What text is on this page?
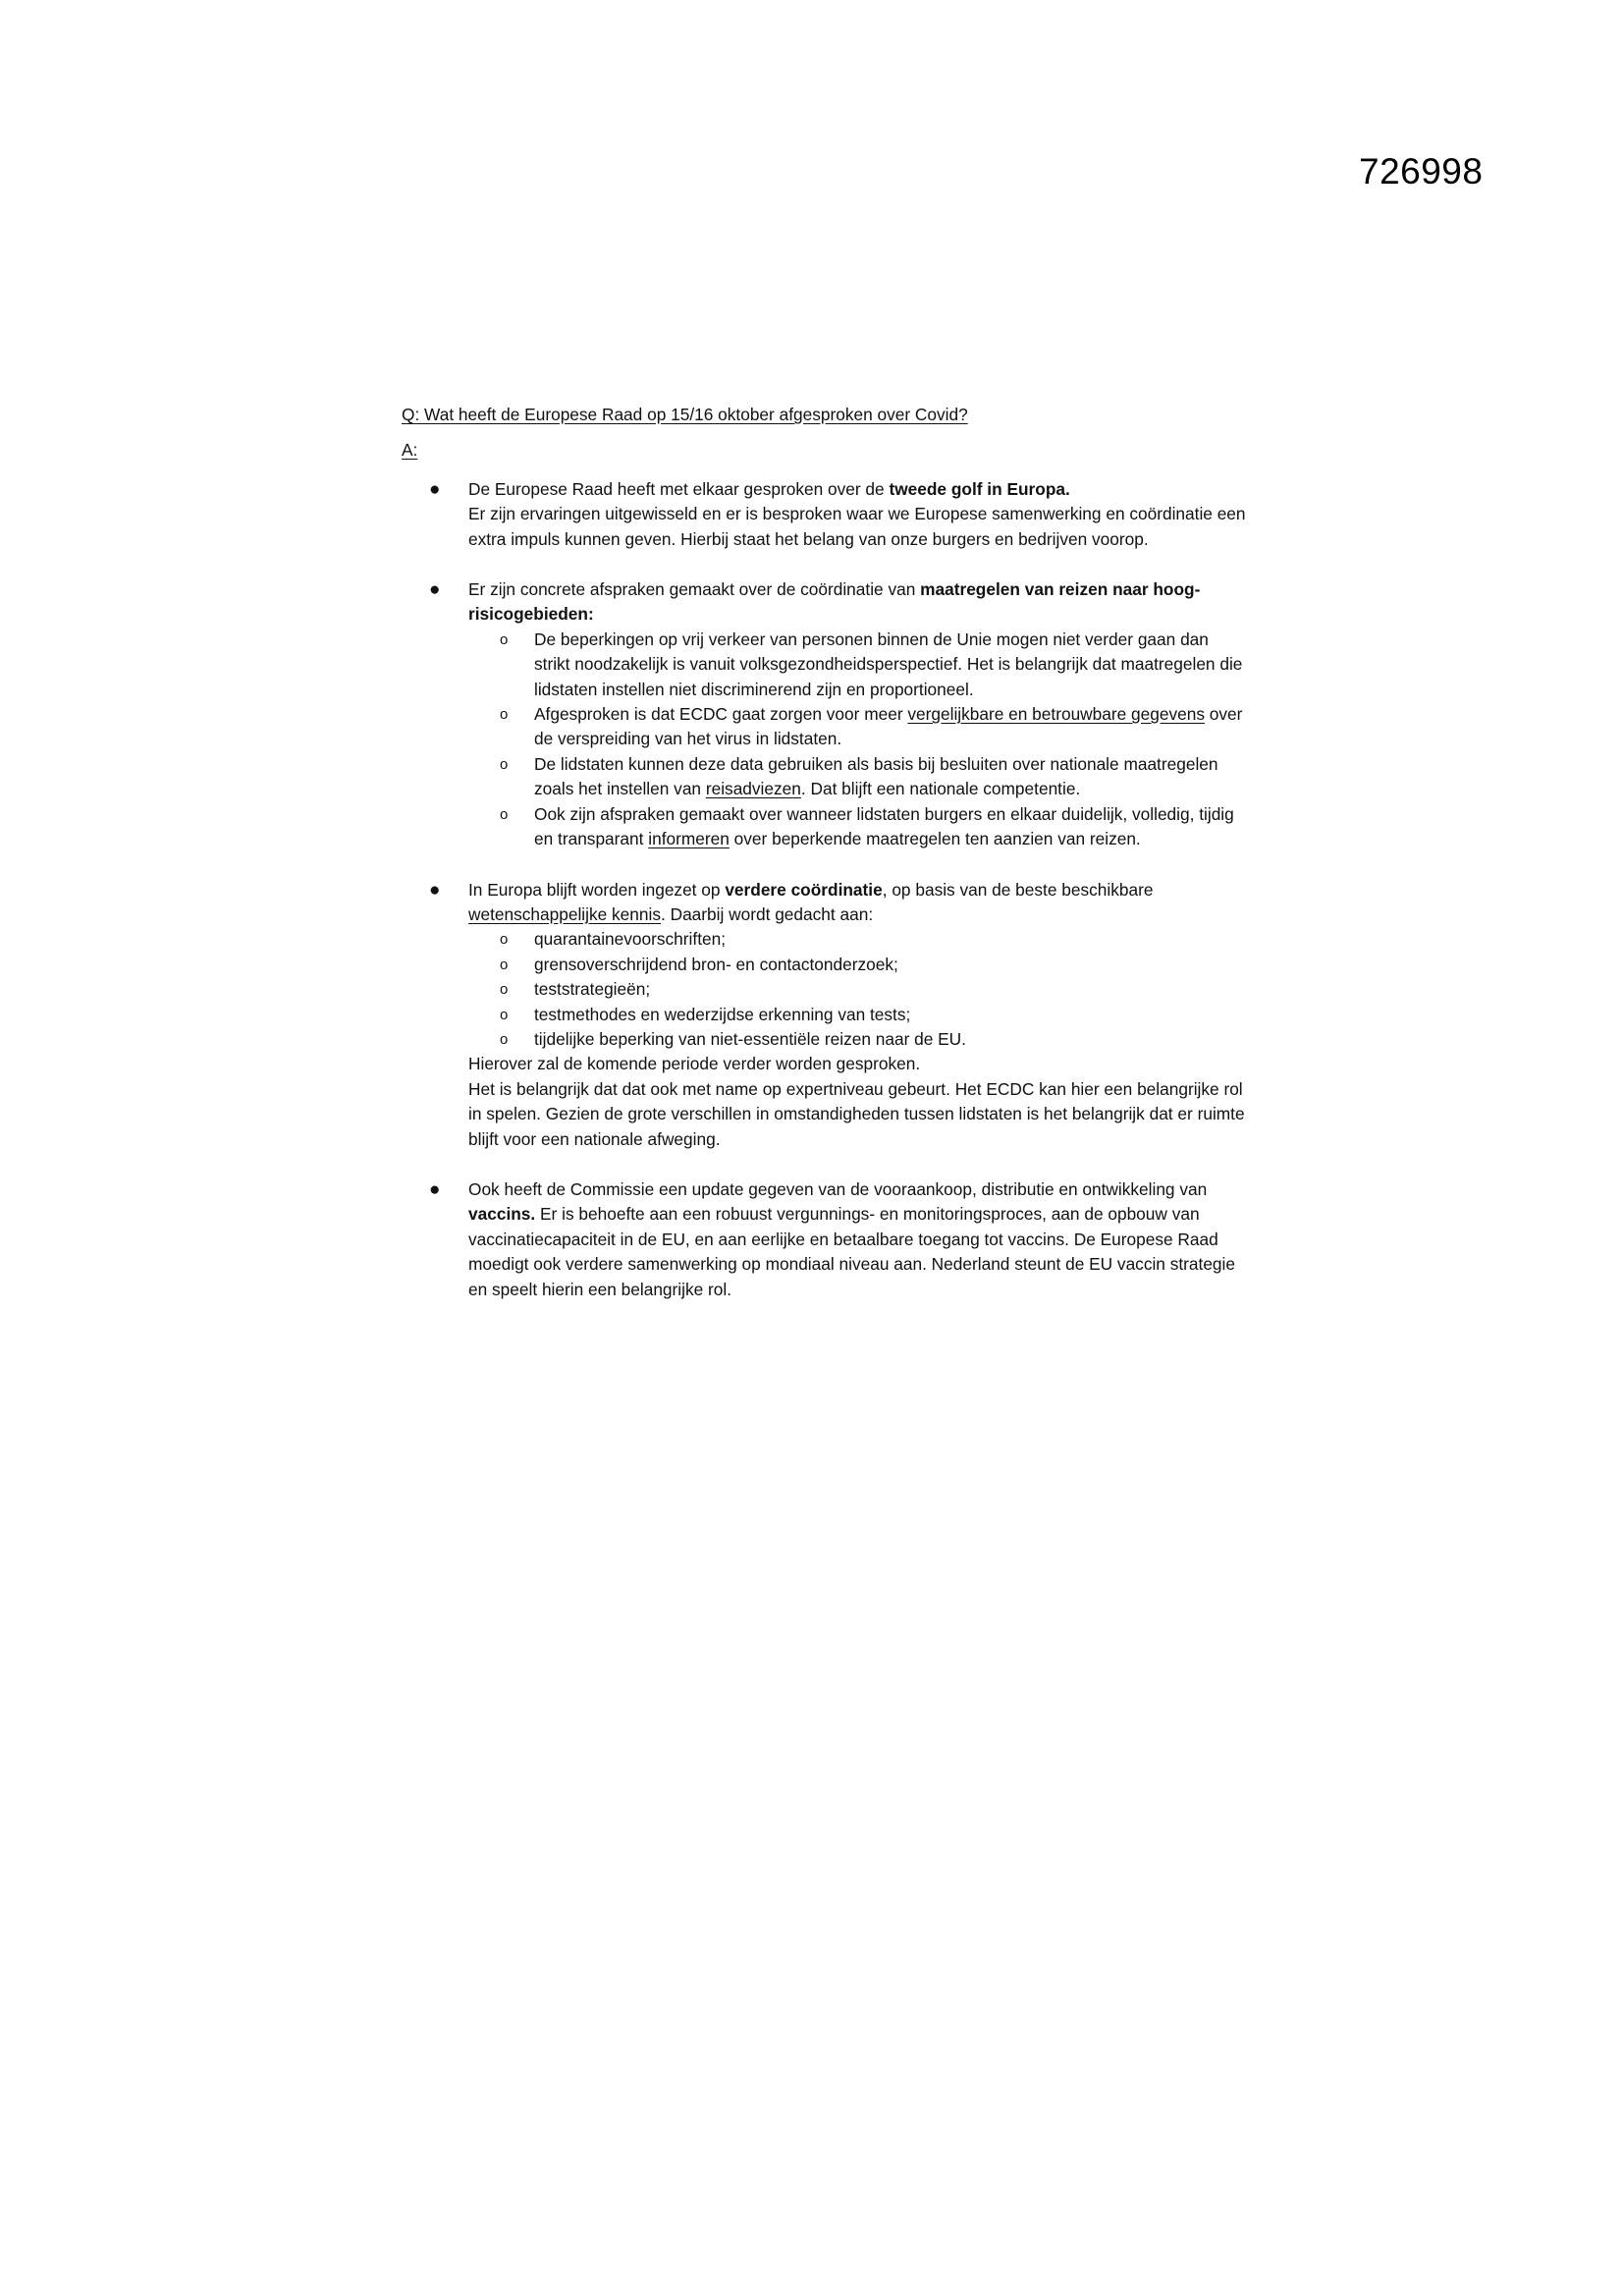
726998

Q: Wat heeft de Europese Raad op 15/16 oktober afgesproken over Covid?

A:

● De Europese Raad heeft met elkaar gesproken over de tweede golf in Europa.
Er zijn ervaringen uitgewisseld en er is besproken waar we Europese samenwerking en coördinatie een extra impuls kunnen geven. Hierbij staat het belang van onze burgers en bedrijven voorop.

● Er zijn concrete afspraken gemaakt over de coördinatie van maatregelen van reizen naar hoog-risicogebieden:

o De beperkingen op vrij verkeer van personen binnen de Unie mogen niet verder gaan dan strikt noodzakelijk is vanuit volksgezondheidsperspectief. Het is belangrijk dat maatregelen die lidstaten instellen niet discriminerend zijn en proportioneel.
o Afgesproken is dat ECDC gaat zorgen voor meer vergelijkbare en betrouwbare gegevens over de verspreiding van het virus in lidstaten.
o De lidstaten kunnen deze data gebruiken als basis bij besluiten over nationale maatregelen zoals het instellen van reisadviezen. Dat blijft een nationale competentie.
o Ook zijn afspraken gemaakt over wanneer lidstaten burgers en elkaar duidelijk, volledig, tijdig en transparant informeren over beperkende maatregelen ten aanzien van reizen.
● In Europa blijft worden ingezet op verdere coördinatie, op basis van de beste beschikbare wetenschappelijke kennis. Daarbij wordt gedacht aan:

o quarantainevoorschriften;
o grensoverschrijdend bron- en contactonderzoek;
o teststrategieën;
o testmethodes en wederzijdse erkenning van tests;
o tijdelijke beperking van niet-essentiële reizen naar de EU.

Hierover zal de komende periode verder worden gesproken.

Het is belangrijk dat dat ook met name op expertniveau gebeurt. Het ECDC kan hier een belangrijke rol in spelen. Gezien de grote verschillen in omstandigheden tussen lidstaten is het belangrijk dat er ruimte blijft voor een nationale afweging.

● Ook heeft de Commissie een update gegeven van de vooraankoop, distributie en ontwikkeling van vaccins. Er is behoefte aan een robuust vergunnings- en monitoringsproces, aan de opbouw van vaccinatiecapaciteit in de EU, en aan eerlijke en betaalbare toegang tot vaccins. De Europese Raad moedigt ook verdere samenwerking op mondiaal niveau aan. Nederland steunt de EU vaccin strategie en speelt hierin een belangrijke rol.
